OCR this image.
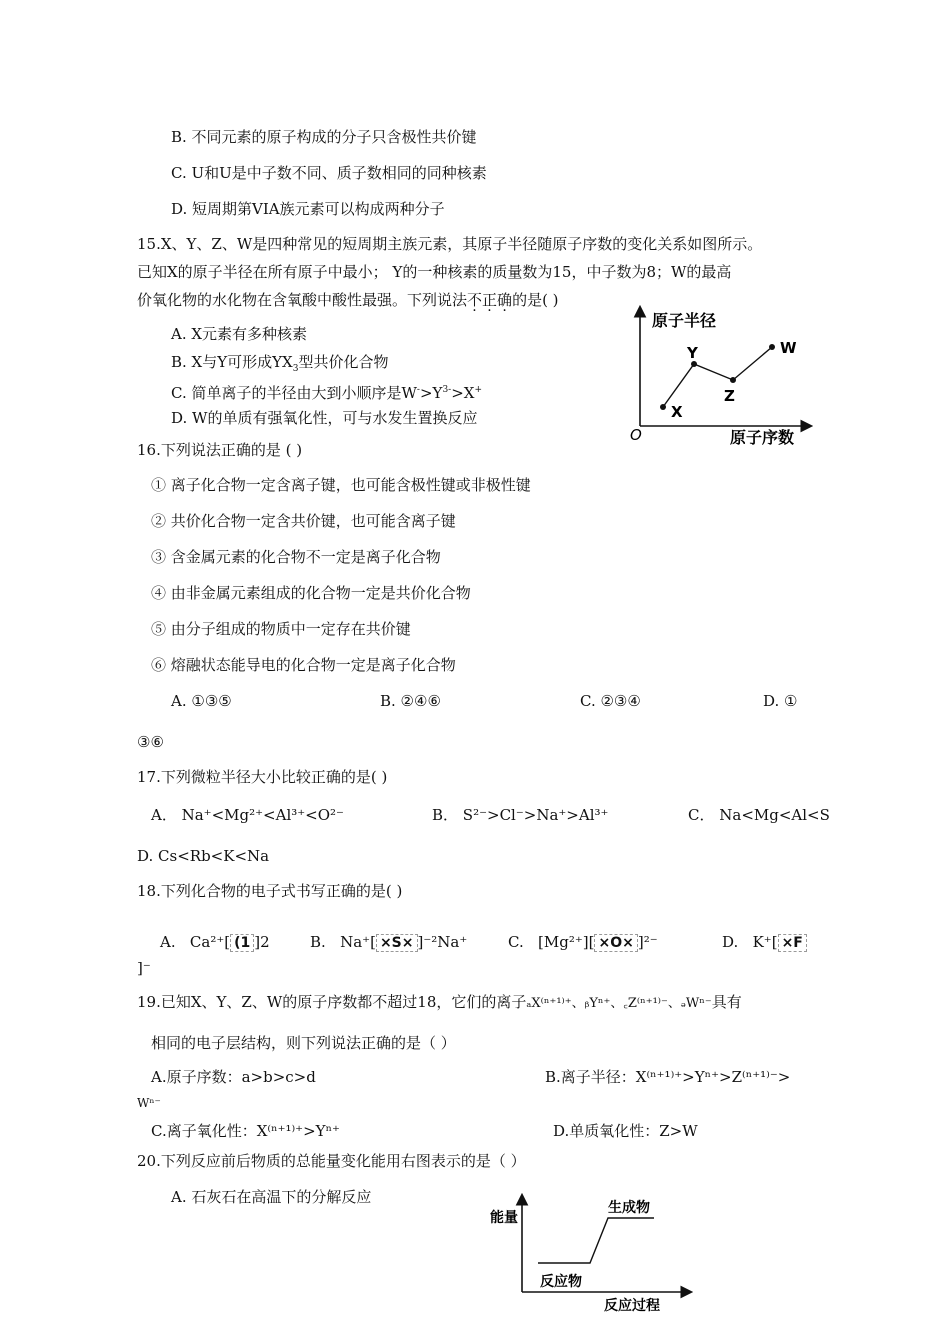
B. 不同元素的原子构成的分子只含极性共价键
C. U和U是中子数不同、质子数相同的同种核素
D. 短周期第VIA族元素可以构成两种分子
15.X、Y、Z、W是四种常见的短周期主族元素，其原子半径随原子序数的变化关系如图所示。
已知X的原子半径在所有原子中最小； Y的一种核素的质量数为15，中子数为8；W的最高
价氧化物的水化物在含氧酸中酸性最强。下列说法不正确的是( )
A. X元素有多种核素
B. X与Y可形成$YX_3$型共价化合物
C. 简单离子的半径由大到小顺序是$W^->Y^{3-}>X^+$
D. W的单质有强氧化性，可与水发生置换反应
原子半径
原子序数
O
X
Y
Z
W
16.下列说法正确的是 ( )
① 离子化合物一定含离子键，也可能含极性键或非极性键
② 共价化合物一定含共价键，也可能含离子键
③ 含金属元素的化合物不一定是离子化合物
④ 由非金属元素组成的化合物一定是共价化合物
⑤ 由分子组成的物质中一定存在共价键
⑥ 熔融状态能导电的化合物一定是离子化合物
A. ①③⑤	B. ②④⑥	C. ②③④	D. ①
③⑥
17.下列微粒半径大小比较正确的是( )
A． Na⁺<Mg²⁺<Al³⁺<O²⁻	B． S²⁻>Cl⁻>Na⁺>Al³⁺	C． Na<Mg<Al<S
D. Cs<Rb<K<Na
18.下列化合物的电子式书写正确的是( )
A. Ca²⁺[ (1 ]2	B. Na⁺[ ×S× ]⁻²Na⁺	C. [Mg²⁺][ ×O× ]²⁻	D. K⁺[ ×F
]⁻
19.已知X、Y、Z、W的原子序数都不超过18，它们的离子ₐX⁽ⁿ⁺¹⁾⁺、ᵦYⁿ⁺、꜀Z⁽ⁿ⁺¹⁾⁻、ₔWⁿ⁻具有
相同的电子层结构，则下列说法正确的是（ ）
A.原子序数：a>b>c>d	B.离子半径：X⁽ⁿ⁺¹⁾⁺>Yⁿ⁺>Z⁽ⁿ⁺¹⁾⁻>
Wⁿ⁻
C.离子氧化性：X⁽ⁿ⁺¹⁾⁺>Yⁿ⁺	D.单质氧化性：Z>W
20.下列反应前后物质的总能量变化能用右图表示的是（ ）
A. 石灰石在高温下的分解反应
能量
生成物
反应物
反应过程
